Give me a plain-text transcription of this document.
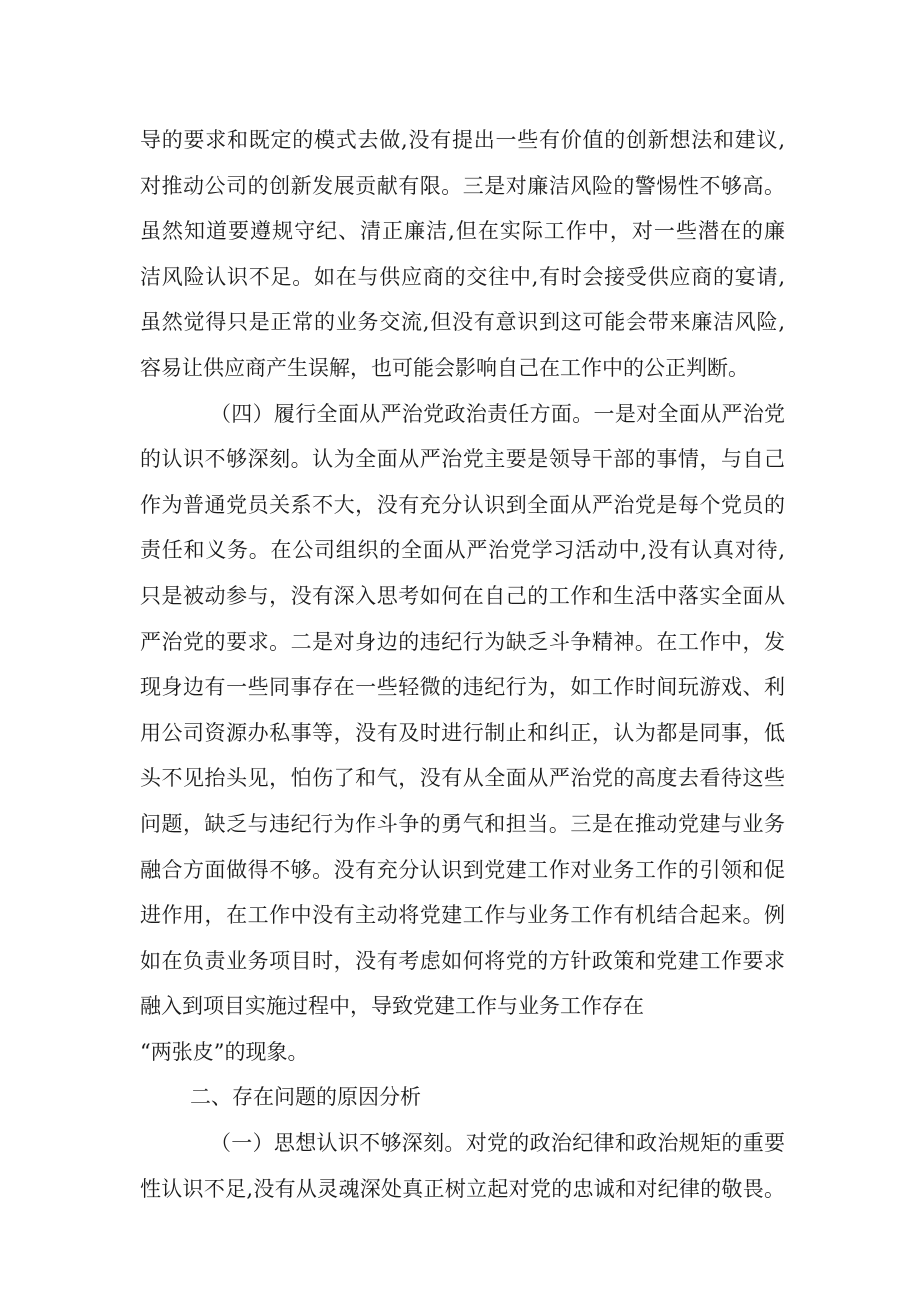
导的要求和既定的模式去做,没有提出一些有价值的创新想法和建议,
对推动公司的创新发展贡献有限。三是对廉洁风险的警惕性不够高。
虽然知道要遵规守纪、清正廉洁,但在实际工作中，对一些潜在的廉
洁风险认识不足。如在与供应商的交往中,有时会接受供应商的宴请,
虽然觉得只是正常的业务交流,但没有意识到这可能会带来廉洁风险,
容易让供应商产生误解，也可能会影响自己在工作中的公正判断。
（四）履行全面从严治党政治责任方面。一是对全面从严治党
的认识不够深刻。认为全面从严治党主要是领导干部的事情，与自己
作为普通党员关系不大，没有充分认识到全面从严治党是每个党员的
责任和义务。在公司组织的全面从严治党学习活动中,没有认真对待,
只是被动参与，没有深入思考如何在自己的工作和生活中落实全面从
严治党的要求。二是对身边的违纪行为缺乏斗争精神。在工作中，发
现身边有一些同事存在一些轻微的违纪行为，如工作时间玩游戏、利
用公司资源办私事等，没有及时进行制止和纠正，认为都是同事，低
头不见抬头见，怕伤了和气，没有从全面从严治党的高度去看待这些
问题，缺乏与违纪行为作斗争的勇气和担当。三是在推动党建与业务
融合方面做得不够。没有充分认识到党建工作对业务工作的引领和促
进作用，在工作中没有主动将党建工作与业务工作有机结合起来。例
如在负责业务项目时，没有考虑如何将党的方针政策和党建工作要求
融入到项目实施过程中，导致党建工作与业务工作存在
“两张皮”的现象。
二、存在问题的原因分析
（一）思想认识不够深刻。对党的政治纪律和政治规矩的重要
性认识不足,没有从灵魂深处真正树立起对党的忠诚和对纪律的敬畏。
